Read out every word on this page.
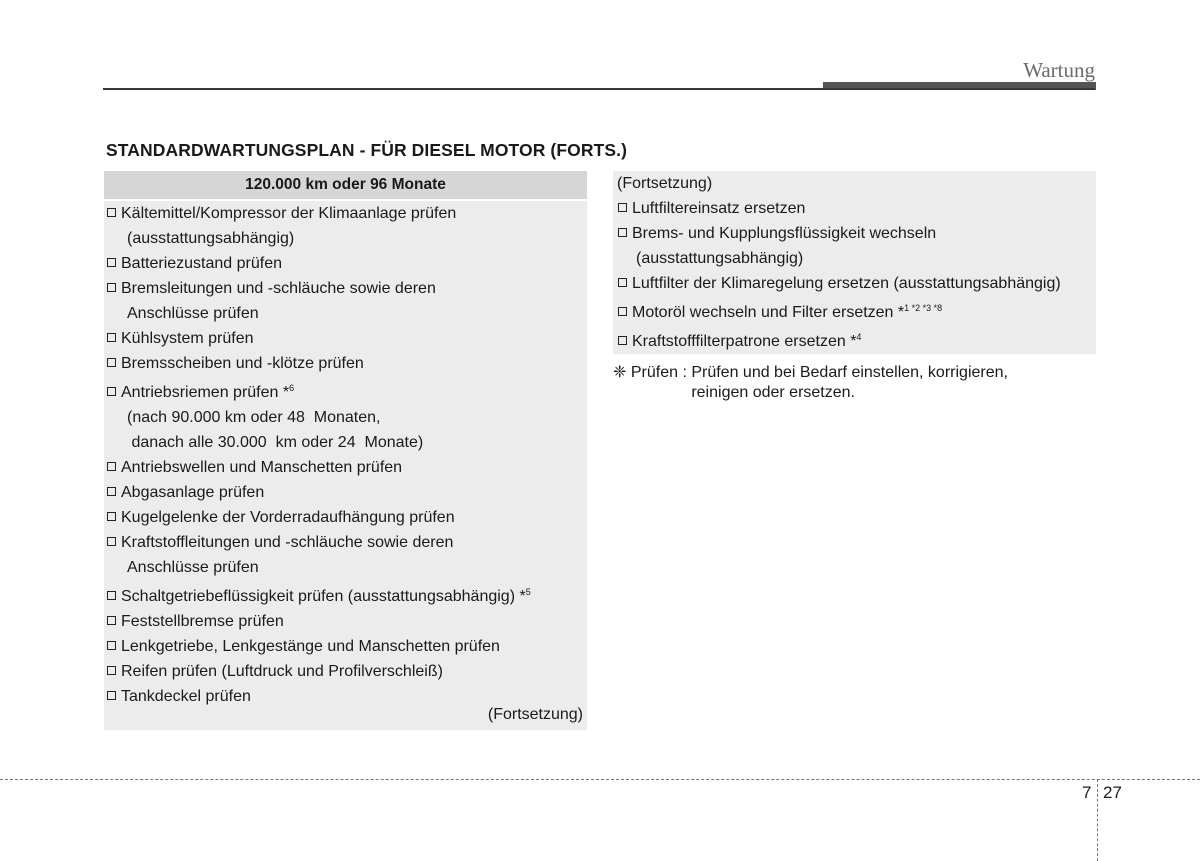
Wartung
STANDARDWARTUNGSPLAN - FÜR DIESEL MOTOR (FORTS.)
120.000 km oder 96 Monate
Kältemittel/Kompressor der Klimaanlage prüfen
(ausstattungsabhängig)
Batteriezustand prüfen
Bremsleitungen und -schläuche sowie deren
Anschlüsse prüfen
Kühlsystem prüfen
Bremsscheiben und -klötze prüfen
Antriebsriemen prüfen *$^6$
(nach 90.000 km oder 48  Monaten,
danach alle 30.000  km oder 24  Monate)
Antriebswellen und Manschetten prüfen
Abgasanlage prüfen
Kugelgelenke der Vorderradaufhängung prüfen
Kraftstoffleitungen und -schläuche sowie deren
Anschlüsse prüfen
Schaltgetriebeflüssigkeit prüfen (ausstattungsabhängig) *$^5$
Feststellbremse prüfen
Lenkgetriebe, Lenkgestänge und Manschetten prüfen
Reifen prüfen (Luftdruck und Profilverschleiß)
Tankdeckel prüfen
(Fortsetzung)
(Fortsetzung)
Luftfiltereinsatz ersetzen
Brems- und Kupplungsflüssigkeit wechseln
(ausstattungsabhängig)
Luftfilter der Klimaregelung ersetzen (ausstattungsabhängig)
Motoröl wechseln und Filter ersetzen *$^{1 *2 *3 *8}$
Kraftstofffilterpatrone ersetzen *$^4$
❈ Prüfen : Prüfen und bei Bedarf einstellen, korrigieren,
reinigen oder ersetzen.
7 27
